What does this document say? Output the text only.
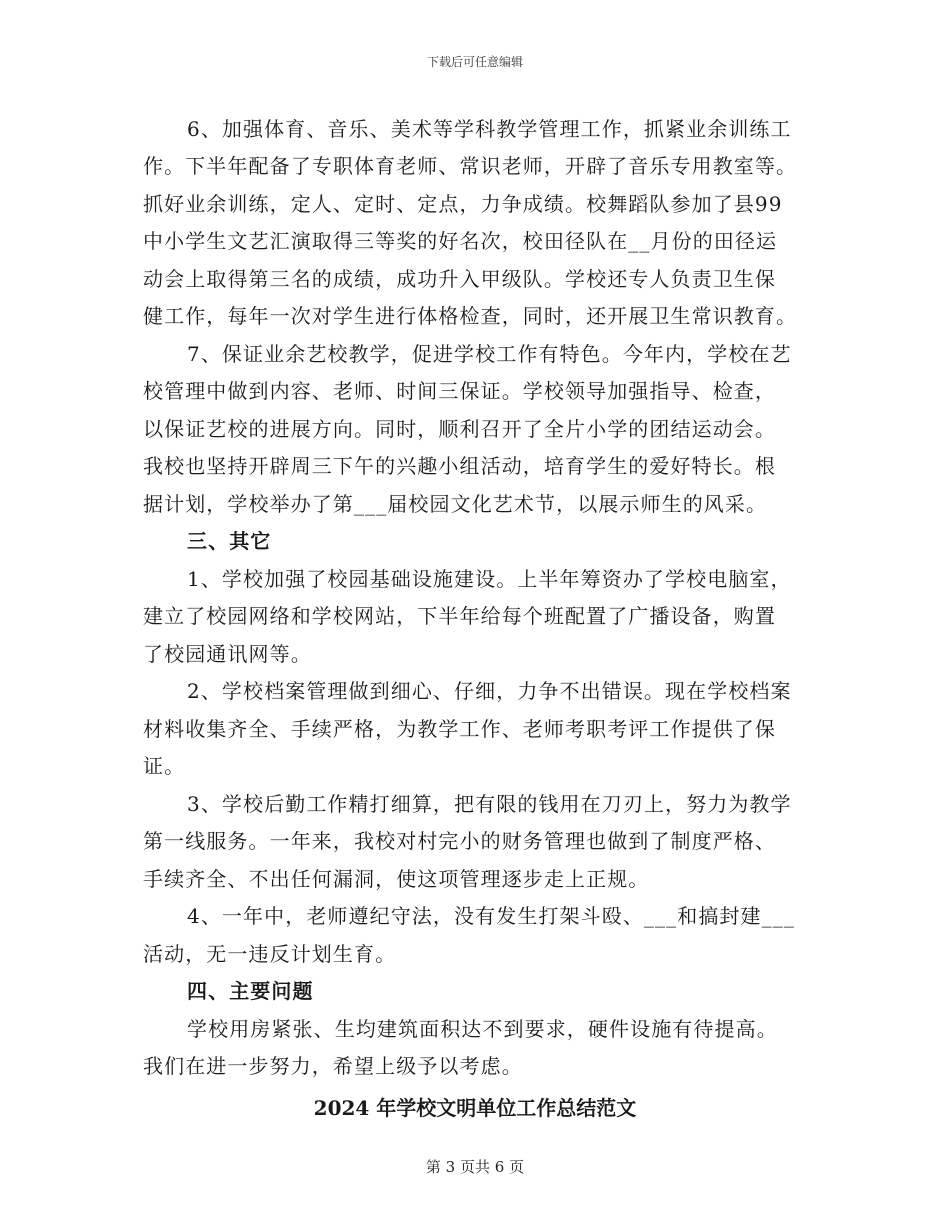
下载后可任意编辑
6、加强体育、音乐、美术等学科教学管理工作，抓紧业余训练工
作。下半年配备了专职体育老师、常识老师，开辟了音乐专用教室等。
抓好业余训练，定人、定时、定点，力争成绩。校舞蹈队参加了县99
中小学生文艺汇演取得三等奖的好名次，校田径队在__月份的田径运
动会上取得第三名的成绩，成功升入甲级队。学校还专人负责卫生保
健工作，每年一次对学生进行体格检查，同时，还开展卫生常识教育。
7、保证业余艺校教学，促进学校工作有特色。今年内，学校在艺
校管理中做到内容、老师、时间三保证。学校领导加强指导、检查，
以保证艺校的进展方向。同时，顺利召开了全片小学的团结运动会。
我校也坚持开辟周三下午的兴趣小组活动，培育学生的爱好特长。根
据计划，学校举办了第___届校园文化艺术节，以展示师生的风采。
三、其它
1、学校加强了校园基础设施建设。上半年筹资办了学校电脑室，
建立了校园网络和学校网站，下半年给每个班配置了广播设备，购置
了校园通讯网等。
2、学校档案管理做到细心、仔细，力争不出错误。现在学校档案
材料收集齐全、手续严格，为教学工作、老师考职考评工作提供了保
证。
3、学校后勤工作精打细算，把有限的钱用在刀刃上，努力为教学
第一线服务。一年来，我校对村完小的财务管理也做到了制度严格、
手续齐全、不出任何漏洞，使这项管理逐步走上正规。
4、一年中，老师遵纪守法，没有发生打架斗殴、___和搞封建___
活动，无一违反计划生育。
四、主要问题
学校用房紧张、生均建筑面积达不到要求，硬件设施有待提高。
我们在进一步努力，希望上级予以考虑。
2024 年学校文明单位工作总结范文
第 3 页共 6 页
